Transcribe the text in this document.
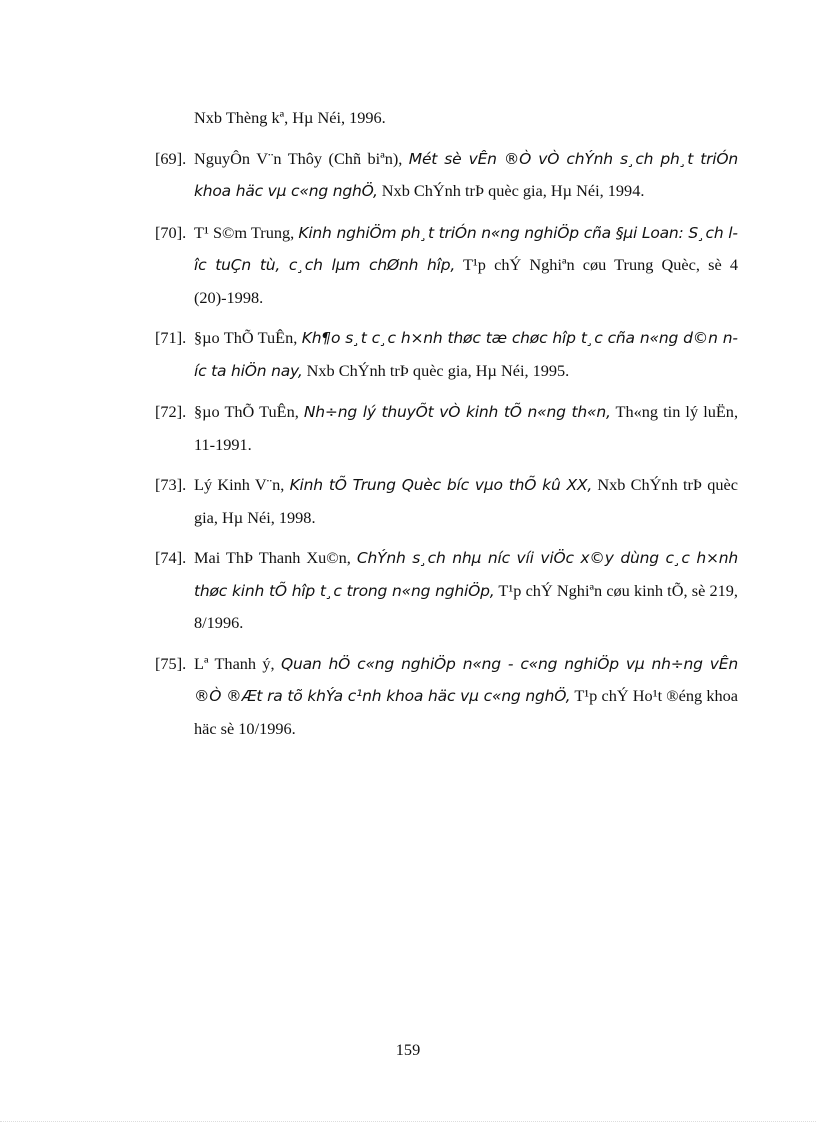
Nxb Thèng kª, Hµ Néi, 1996.
[69]. NguyÔn V¨n Thôy (Chñ biªn), Mét sè vÊn ®Ò vÒ chÝnh s¸ch ph¸t triÓn khoa häc vµ c«ng nghÖ, Nxb ChÝnh trÞ quèc gia, Hµ Néi, 1994.
[70]. T¹ S©m Trung, Kinh nghiÖm ph¸t triÓn n«ng nghiÖp cña §µi Loan: S¸ch lîc tuÇn tù, c¸ch lµm chØnh hîp, T¹p chÝ Nghiªn cøu Trung Quèc, sè 4 (20)-1998.
[71]. §µo ThÕ TuÊn, Kh¶o s¸t c¸c h×nh thøc tæ chøc hîp t¸c cña n«ng d©n níc ta hiÖn nay, Nxb ChÝnh trÞ quèc gia, Hµ Néi, 1995.
[72]. §µo ThÕ TuÊn, Nh÷ng lý thuyÕt vÒ kinh tÕ n«ng th«n, Th«ng tin lý luËn, 11-1991.
[73]. Lý Kinh V¨n, Kinh tÕ Trung Quèc bíc vµo thÕ kû XX, Nxb ChÝnh trÞ quèc gia, Hµ Néi, 1998.
[74]. Mai ThÞ Thanh Xu©n, ChÝnh s¸ch nhµ níc víi viÖc x©y dùng c¸c h×nh thøc kinh tÕ hîp t¸c trong n«ng nghiÖp, T¹p chÝ Nghiªn cøu kinh tÕ, sè 219, 8/1996.
[75]. Lª Thanh ý, Quan hÖ c«ng nghiÖp n«ng - c«ng nghiÖp vµ nh÷ng vÊn ®Ò ®Æt ra tõ khÝa c¹nh khoa häc vµ c«ng nghÖ, T¹p chÝ Ho¹t ®éng khoa häc sè 10/1996.
159
